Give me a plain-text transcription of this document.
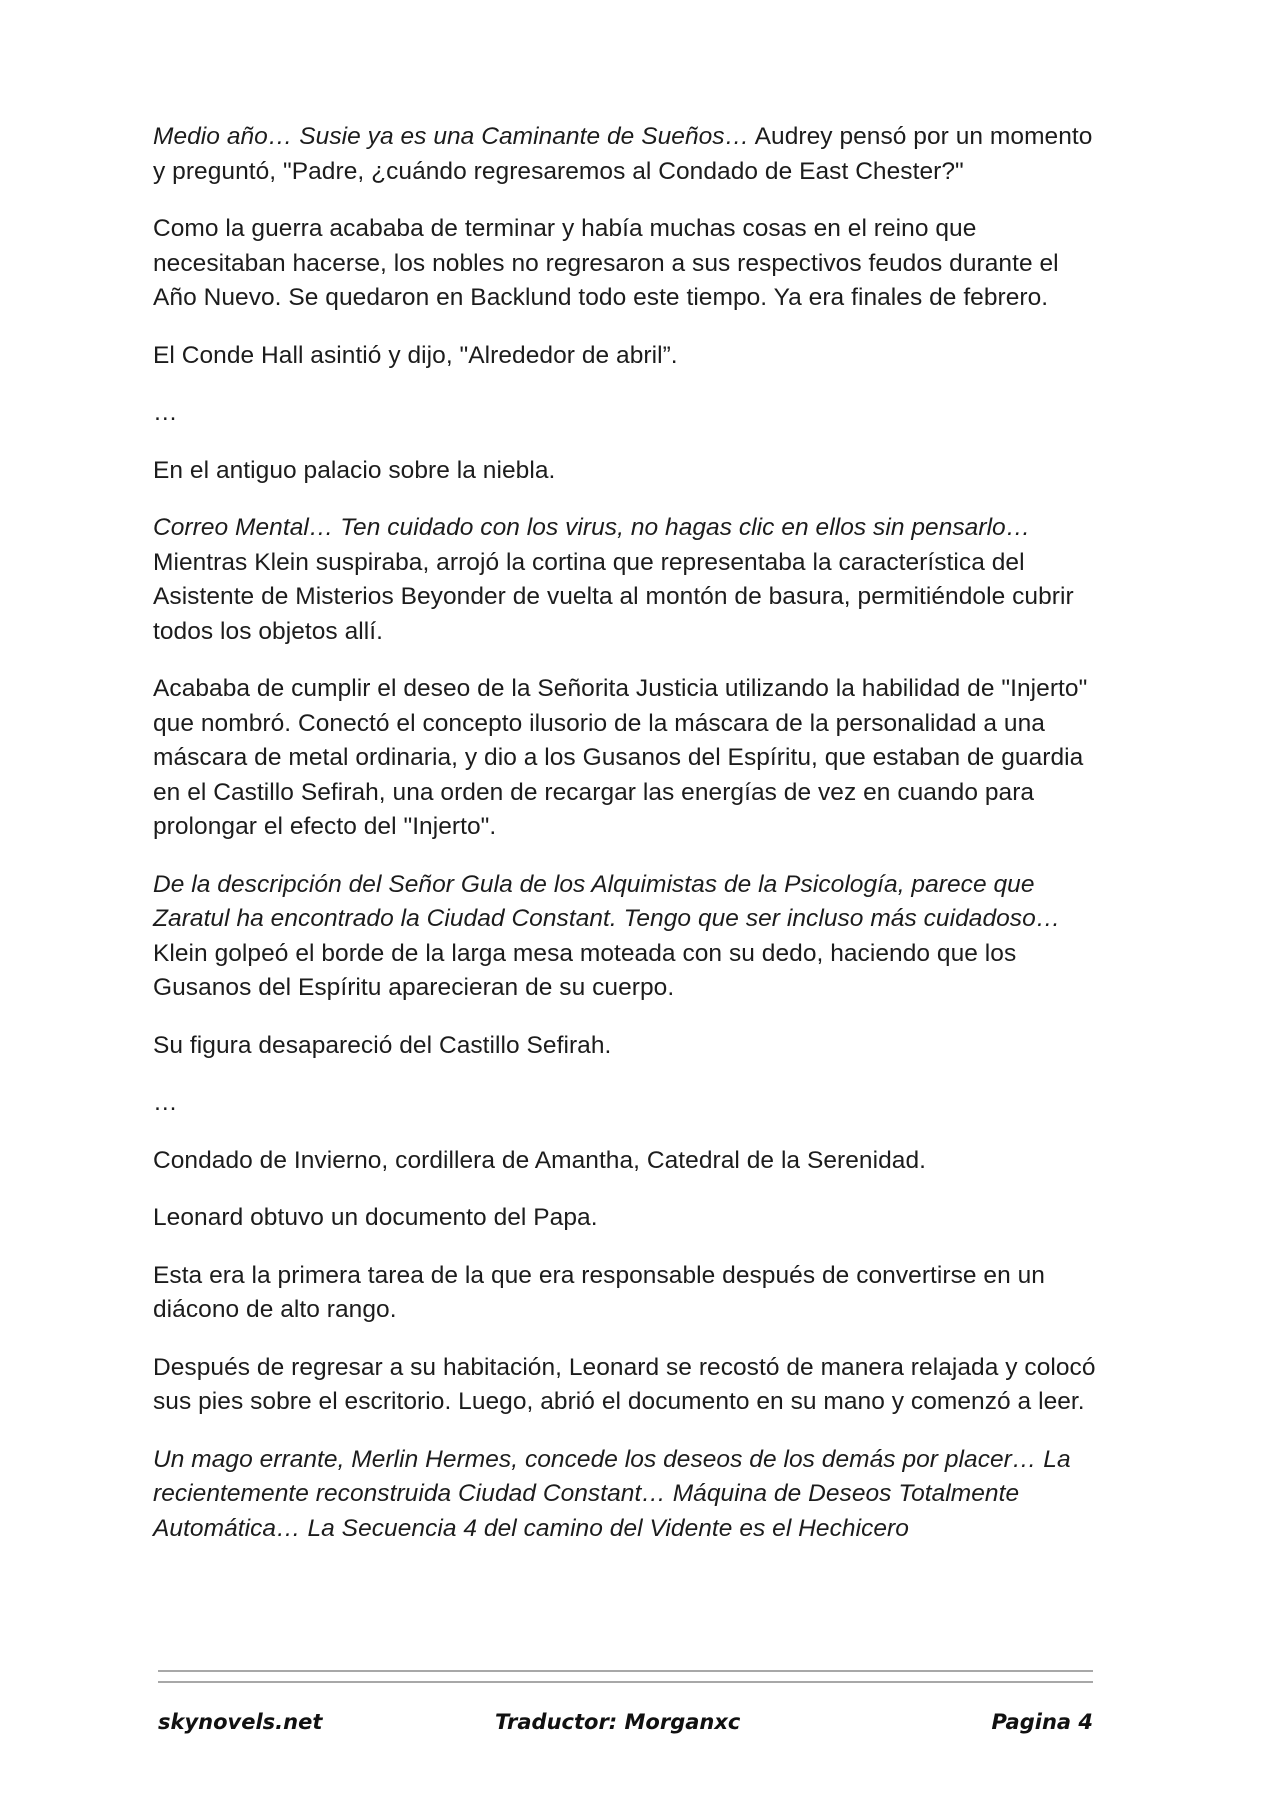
Medio año… Susie ya es una Caminante de Sueños… Audrey pensó por un momento y preguntó, "Padre, ¿cuándo regresaremos al Condado de East Chester?"

Como la guerra acababa de terminar y había muchas cosas en el reino que necesitaban hacerse, los nobles no regresaron a sus respectivos feudos durante el Año Nuevo. Se quedaron en Backlund todo este tiempo. Ya era finales de febrero.

El Conde Hall asintió y dijo, "Alrededor de abril”.

…

En el antiguo palacio sobre la niebla.

Correo Mental… Ten cuidado con los virus, no hagas clic en ellos sin pensarlo… Mientras Klein suspiraba, arrojó la cortina que representaba la característica del Asistente de Misterios Beyonder de vuelta al montón de basura, permitiéndole cubrir todos los objetos allí.

Acababa de cumplir el deseo de la Señorita Justicia utilizando la habilidad de "Injerto" que nombró. Conectó el concepto ilusorio de la máscara de la personalidad a una máscara de metal ordinaria, y dio a los Gusanos del Espíritu, que estaban de guardia en el Castillo Sefirah, una orden de recargar las energías de vez en cuando para prolongar el efecto del "Injerto".

De la descripción del Señor Gula de los Alquimistas de la Psicología, parece que Zaratul ha encontrado la Ciudad Constant. Tengo que ser incluso más cuidadoso… Klein golpeó el borde de la larga mesa moteada con su dedo, haciendo que los Gusanos del Espíritu aparecieran de su cuerpo.

Su figura desapareció del Castillo Sefirah.

…

Condado de Invierno, cordillera de Amantha, Catedral de la Serenidad.

Leonard obtuvo un documento del Papa.

Esta era la primera tarea de la que era responsable después de convertirse en un diácono de alto rango.

Después de regresar a su habitación, Leonard se recostó de manera relajada y colocó sus pies sobre el escritorio. Luego, abrió el documento en su mano y comenzó a leer.

Un mago errante, Merlin Hermes, concede los deseos de los demás por placer… La recientemente reconstruida Ciudad Constant… Máquina de Deseos Totalmente Automática… La Secuencia 4 del camino del Vidente es el Hechicero

skynovels.net	Traductor: Morganxc	Pagina 4
